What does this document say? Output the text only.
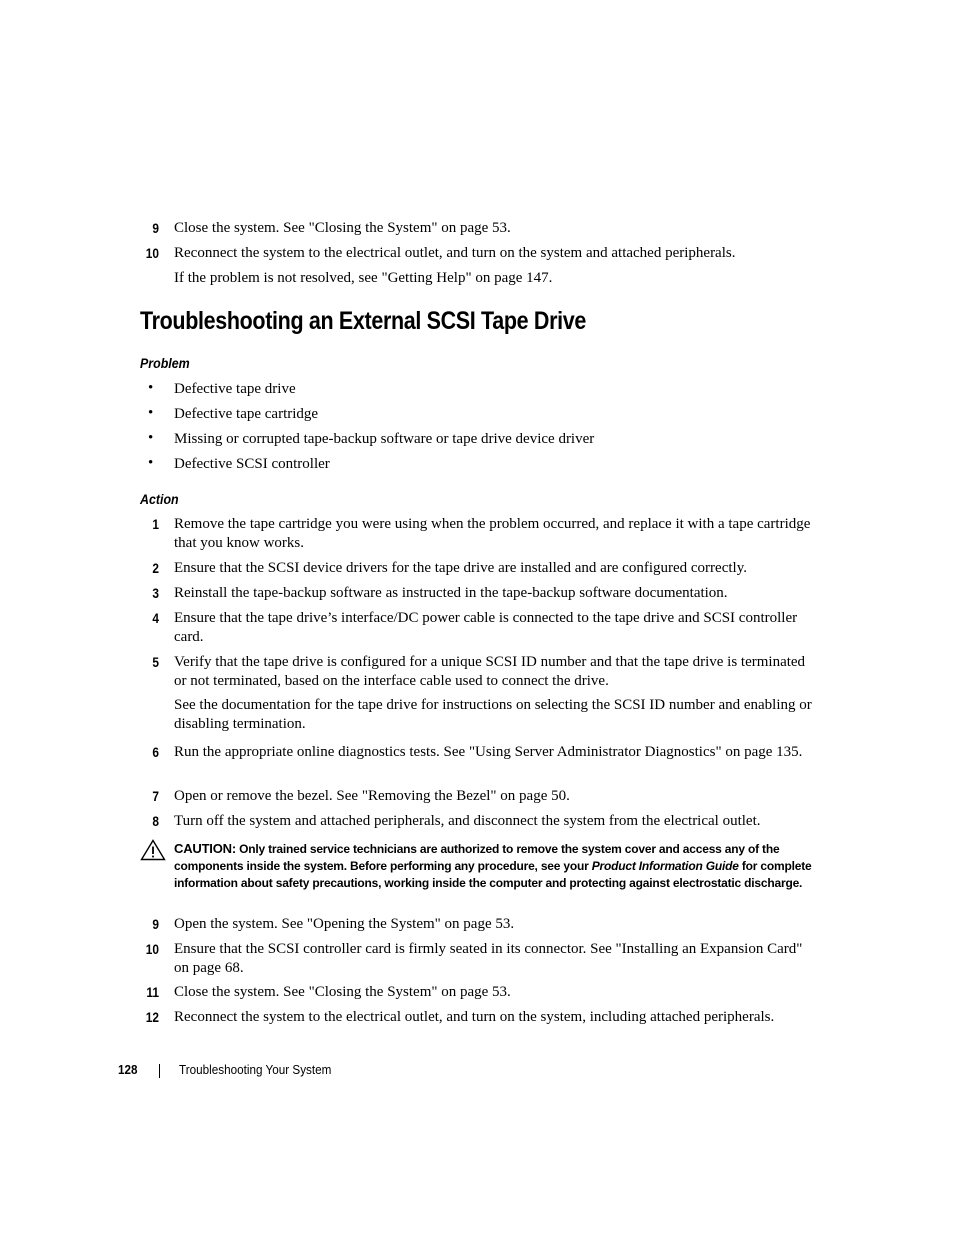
9 Close the system. See "Closing the System" on page 53.
10 Reconnect the system to the electrical outlet, and turn on the system and attached peripherals.
If the problem is not resolved, see "Getting Help" on page 147.
Troubleshooting an External SCSI Tape Drive
Problem
• Defective tape drive
• Defective tape cartridge
• Missing or corrupted tape-backup software or tape drive device driver
• Defective SCSI controller
Action
1 Remove the tape cartridge you were using when the problem occurred, and replace it with a tape cartridge that you know works.
2 Ensure that the SCSI device drivers for the tape drive are installed and are configured correctly.
3 Reinstall the tape-backup software as instructed in the tape-backup software documentation.
4 Ensure that the tape drive’s interface/DC power cable is connected to the tape drive and SCSI controller card.
5 Verify that the tape drive is configured for a unique SCSI ID number and that the tape drive is terminated or not terminated, based on the interface cable used to connect the drive.
See the documentation for the tape drive for instructions on selecting the SCSI ID number and enabling or disabling termination.
6 Run the appropriate online diagnostics tests. See "Using Server Administrator Diagnostics" on page 135.
7 Open or remove the bezel. See "Removing the Bezel" on page 50.
8 Turn off the system and attached peripherals, and disconnect the system from the electrical outlet.
CAUTION: Only trained service technicians are authorized to remove the system cover and access any of the components inside the system. Before performing any procedure, see your Product Information Guide for complete information about safety precautions, working inside the computer and protecting against electrostatic discharge.
9 Open the system. See "Opening the System" on page 53.
10 Ensure that the SCSI controller card is firmly seated in its connector. See "Installing an Expansion Card" on page 68.
11 Close the system. See "Closing the System" on page 53.
12 Reconnect the system to the electrical outlet, and turn on the system, including attached peripherals.
128	Troubleshooting Your System
